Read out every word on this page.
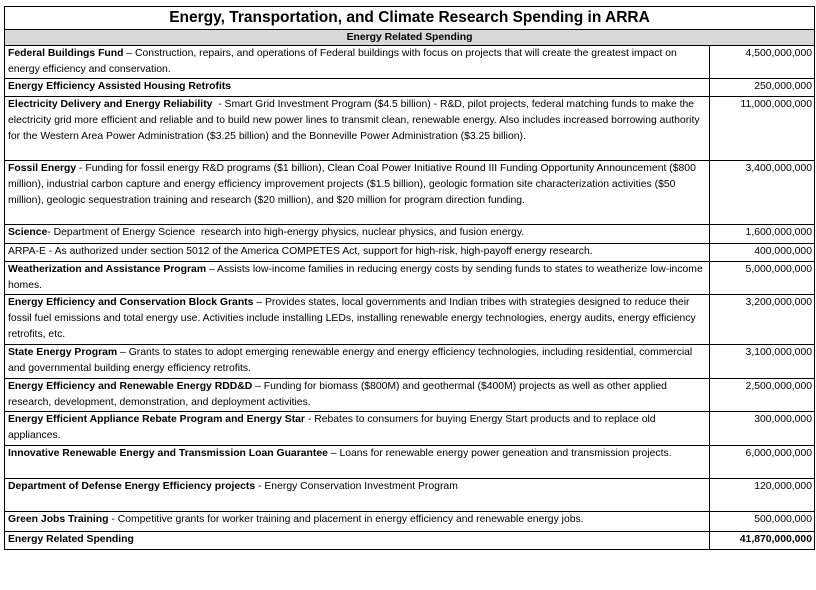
Energy, Transportation, and Climate Research Spending in ARRA	
Energy Related Spending	
Federal Buildings Fund – Construction, repairs, and operations of Federal buildings with focus on projects that will create the greatest impact on energy efficiency and conservation.	4,500,000,000
Energy Efficiency Assisted Housing Retrofits	250,000,000
Electricity Delivery and Energy Reliability  - Smart Grid Investment Program ($4.5 billion) - R&D, pilot projects, federal matching funds to make the electricity grid more efficient and reliable and to build new power lines to transmit clean, renewable energy. Also includes increased borrowing authority for the Western Area Power Administration ($3.25 billion) and the Bonneville Power Administration ($3.25 billion).	11,000,000,000
Fossil Energy - Funding for fossil energy R&D programs ($1 billion), Clean Coal Power Initiative Round III Funding Opportunity Announcement ($800 million), industrial carbon capture and energy efficiency improvement projects ($1.5 billion), geologic formation site characterization activities ($50 million), geologic sequestration training and research ($20 million), and $20 million for program direction funding.	3,400,000,000
Science- Department of Energy Science  research into high-energy physics, nuclear physics, and fusion energy.	1,600,000,000
ARPA-E - As authorized under section 5012 of the America COMPETES Act, support for high-risk, high-payoff energy research.	400,000,000
Weatherization and Assistance Program – Assists low-income families in reducing energy costs by sending funds to states to weatherize low-income homes.	5,000,000,000
Energy Efficiency and Conservation Block Grants – Provides states, local governments and Indian tribes with strategies designed to reduce their fossil fuel emissions and total energy use. Activities include installing LEDs, installing renewable energy technologies, energy audits, energy efficiency retrofits, etc.	3,200,000,000
State Energy Program – Grants to states to adopt emerging renewable energy and energy efficiency technologies, including residential, commercial and governmental building energy efficiency retrofits.	3,100,000,000
Energy Efficiency and Renewable Energy RDD&D – Funding for biomass ($800M) and geothermal ($400M) projects as well as other applied research, development, demonstration, and deployment activities.	2,500,000,000
Energy Efficient Appliance Rebate Program and Energy Star - Rebates to consumers for buying Energy Start products and to replace old appliances.	300,000,000
Innovative Renewable Energy and Transmission Loan Guarantee – Loans for renewable energy power geneation and transmission projects.	6,000,000,000
Department of Defense Energy Efficiency projects - Energy Conservation Investment Program	120,000,000
Green Jobs Training - Competitive grants for worker training and placement in energy efficiency and renewable energy jobs.	500,000,000
Energy Related Spending	41,870,000,000
